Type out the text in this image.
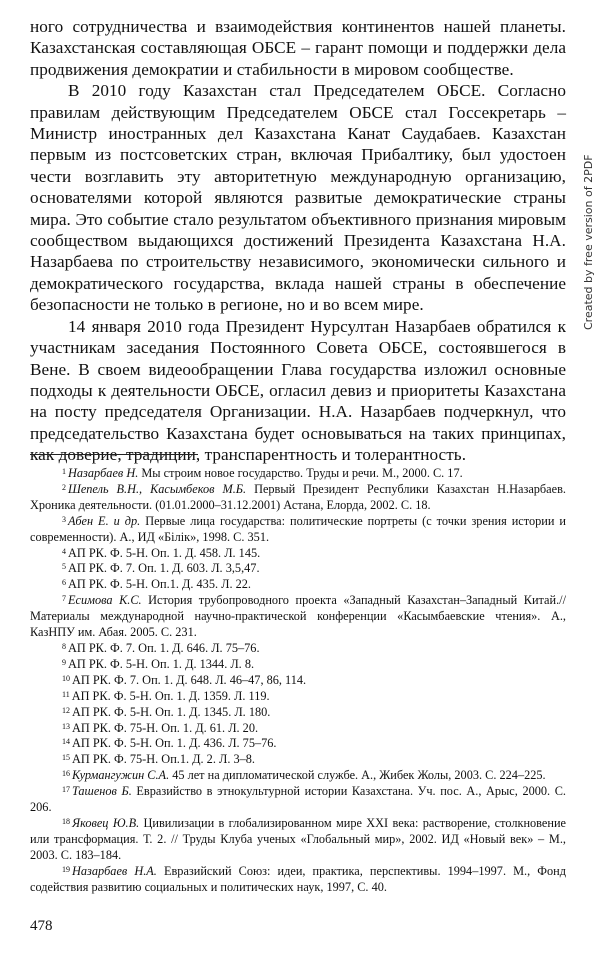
ного сотрудничества и взаимодействия континентов нашей планеты. Казахстанская составляющая ОБСЕ – гарант помощи и поддержки дела продвижения демократии и стабильности в мировом сообществе.

В 2010 году Казахстан стал Председателем ОБСЕ. Согласно правилам действующим Председателем ОБСЕ стал Госсекретарь – Министр иностранных дел Казахстана Канат Саудабаев. Казахстан первым из постсоветских стран, включая Прибалтику, был удостоен чести возглавить эту авторитетную международную организацию, основателями которой являются развитые демократические страны мира. Это событие стало результатом объективного признания мировым сообществом выдающихся достижений Президента Казахстана Н.А. Назарбаева по строительству независимого, экономически сильного и демократического государства, вклада нашей страны в обеспечение безопасности не только в регионе, но и во всем мире.

14 января 2010 года Президент Нурсултан Назарбаев обратился к участникам заседания Постоянного Совета ОБСЕ, состоявшегося в Вене. В своем видеообращении Глава государства изложил основные подходы к деятельности ОБСЕ, огласил девиз и приоритеты Казахстана на посту председателя Организации. Н.А. Назарбаев подчеркнул, что председательство Казахстана будет основываться на таких принципах, как доверие, традиции, транспарентность и толерантность.

$^1$ Назарбаев Н. Мы строим новое государство. Труды и речи. М., 2000. С. 17.

$^2$ Шепель В.Н., Касымбеков М.Б. Первый Президент Республики Казахстан Н.Назарбаев. Хроника деятельности. (01.01.2000–31.12.2001) Астана, Елорда, 2002. С. 18.

$^3$ Абен Е. и др. Первые лица государства: политические портреты (с точки зрения истории и современности). А., ИД «Білік», 1998. С. 351.

$^4$ АП РК. Ф. 5-Н. Оп. 1. Д. 458. Л. 145.

$^5$ АП РК. Ф. 7. Оп. 1. Д. 603. Л. 3,5,47.

$^6$ АП РК. Ф. 5-Н. Оп.1. Д. 435. Л. 22.

$^7$ Есимова К.С. История трубопроводного проекта «Западный Казахстан–Западный Китай.//Материалы международной научно-практической конференции «Касымбаевские чтения». А., КазНПУ им. Абая. 2005. С. 231.

$^8$ АП РК. Ф. 7. Оп. 1. Д. 646. Л. 75–76.

$^9$ АП РК. Ф. 5-Н. Оп. 1. Д. 1344. Л. 8.

$^{10}$ АП РК. Ф. 7. Оп. 1. Д. 648. Л. 46–47, 86, 114.

$^{11}$ АП РК. Ф. 5-Н. Оп. 1. Д. 1359. Л. 119.

$^{12}$ АП РК. Ф. 5-Н. Оп. 1. Д. 1345. Л. 180.

$^{13}$ АП РК. Ф. 75-Н. Оп. 1. Д. 61. Л. 20.

$^{14}$ АП РК. Ф. 5-Н. Оп. 1. Д. 436. Л. 75–76.

$^{15}$ АП РК. Ф. 75-Н. Оп.1. Д. 2. Л. 3–8.

$^{16}$ Курмангужин С.А. 45 лет на дипломатической службе. А., Жибек Жолы, 2003. С. 224–225.

$^{17}$ Ташенов Б. Евразийство в этнокультурной истории Казахстана. Уч. пос. А., Арыс, 2000. С. 206.

$^{18}$ Яковец Ю.В. Цивилизации в глобализированном мире XXI века: растворение, столкновение или трансформация. Т. 2. // Труды Клуба ученых «Глобальный мир», 2002. ИД «Новый век» – М., 2003. С. 183–184.

$^{19}$ Назарбаев Н.А. Евразийский Союз: идеи, практика, перспективы. 1994–1997. М., Фонд содействия развитию социальных и политических наук, 1997, С. 40.

478
Created by free version of 2PDF
